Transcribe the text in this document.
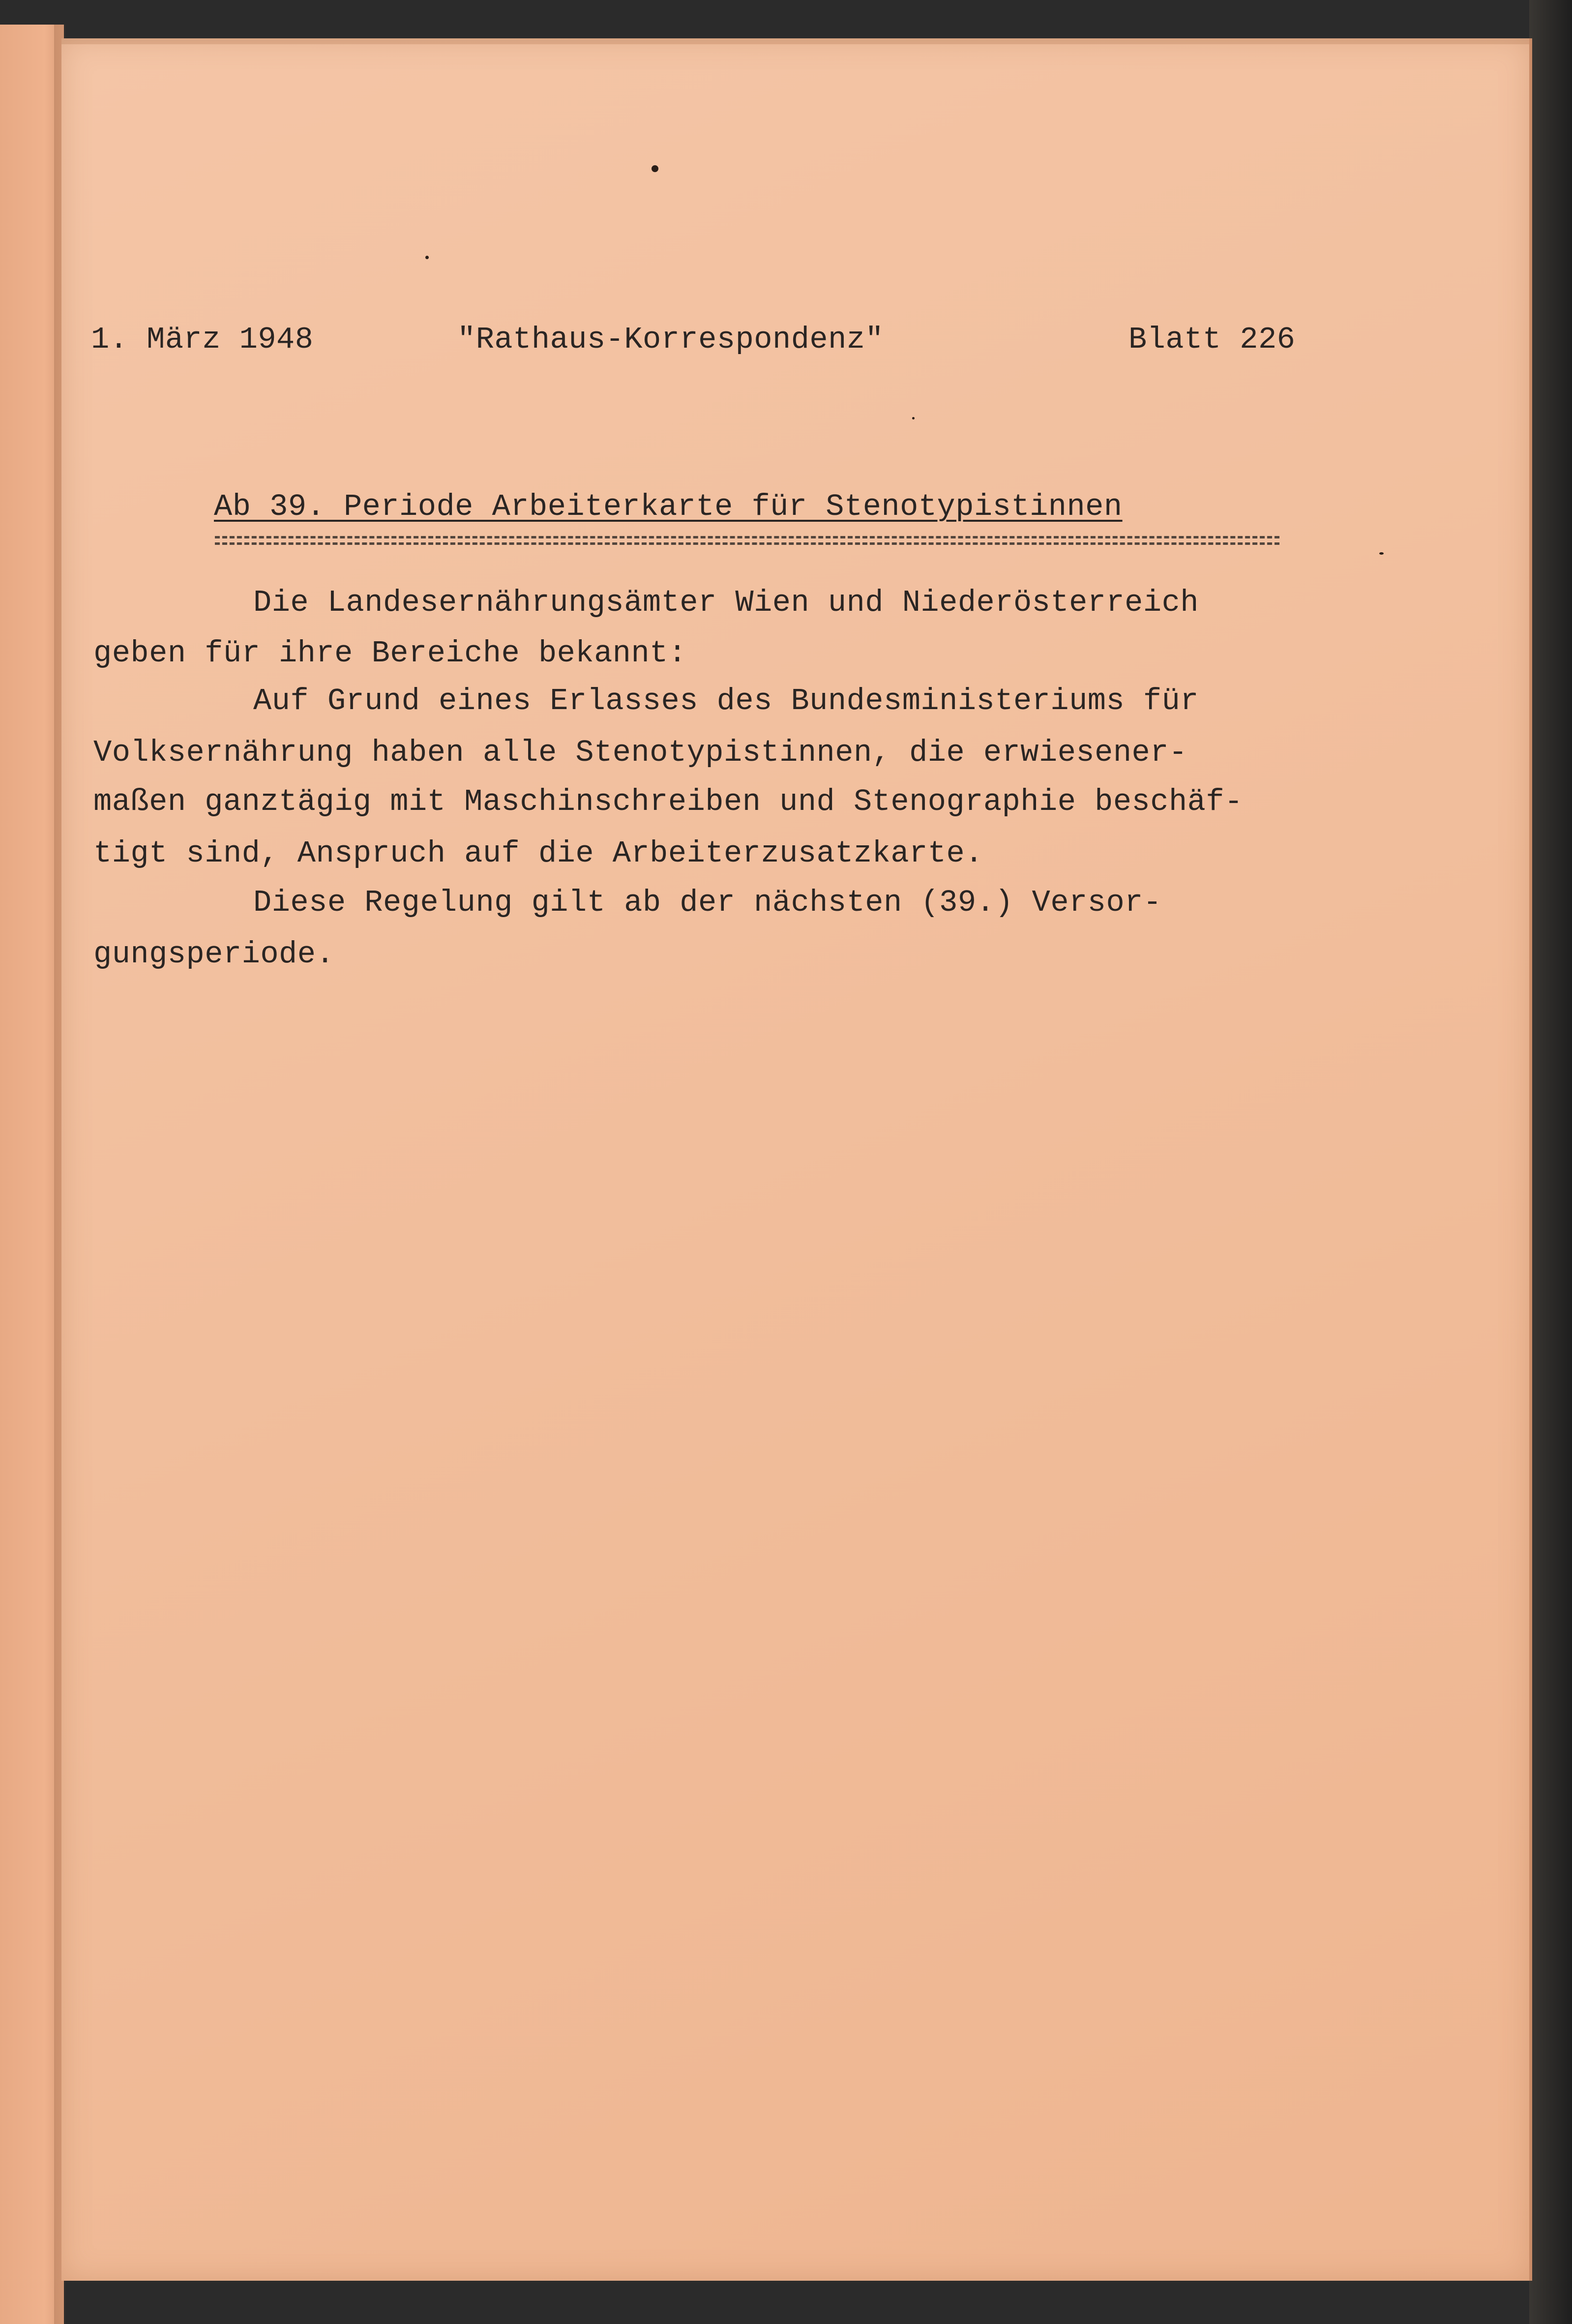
1. März 1948	"Rathaus-Korrespondenz"	Blatt 226
Ab 39. Periode Arbeiterkarte für Stenotypistinnen
Die Landesernährungsämter Wien und Niederösterreich
geben für ihre Bereiche bekannt:
Auf Grund eines Erlasses des Bundesministeriums für
Volksernährung haben alle Stenotypistinnen, die erwiesener-
maßen ganztägig mit Maschinschreiben und Stenographie beschäf-
tigt sind, Anspruch auf die Arbeiterzusatzkarte.
Diese Regelung gilt ab der nächsten (39.) Versor-
gungsperiode.
